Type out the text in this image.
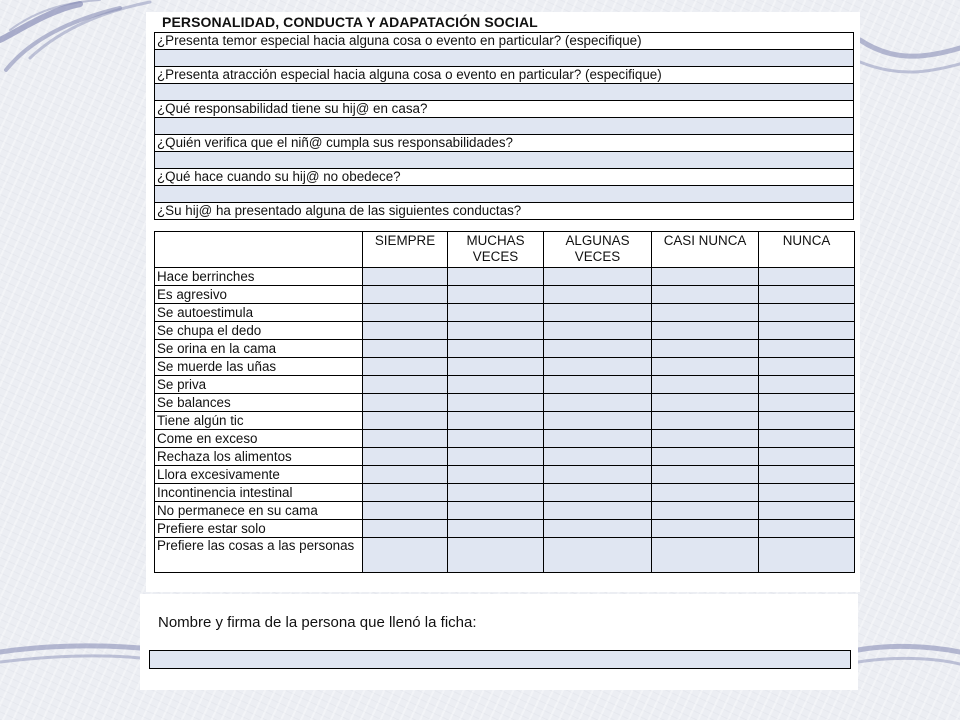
PERSONALIDAD, CONDUCTA Y ADAPATACIÓN SOCIAL
¿Presenta temor especial hacia alguna cosa o evento en particular? (especifique)

¿Presenta atracción especial hacia alguna cosa o evento en particular? (especifique)

¿Qué responsabilidad tiene su hij@ en casa?

¿Quién verifica que el niñ@ cumpla sus responsabilidades?

¿Qué hace cuando su hij@ no obedece?

¿Su hij@ ha presentado alguna de las siguientes conductas?
	SIEMPRE	MUCHAS VECES	ALGUNAS VECES	CASI NUNCA	NUNCA
Hace berrinches					
Es agresivo					
Se autoestimula					
Se chupa el dedo					
Se orina en la cama					
Se muerde las uñas					
Se priva					
Se balances					
Tiene algún tic					
Come en exceso					
Rechaza los alimentos					
Llora excesivamente					
Incontinencia intestinal					
No permanece en su cama					
Prefiere estar solo					
Prefiere las cosas a las personas					
Nombre y firma de la persona que llenó la ficha:
